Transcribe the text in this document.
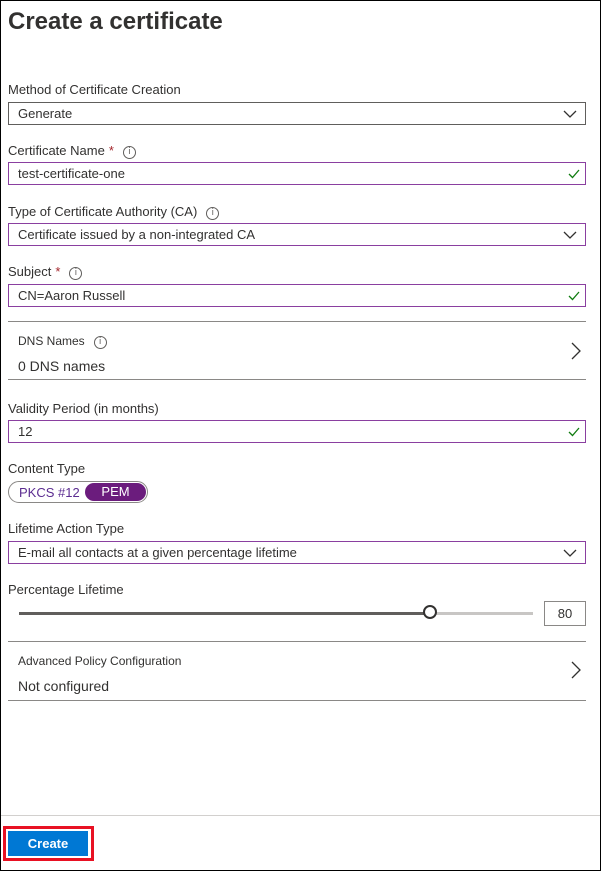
Create a certificate
Method of Certificate Creation
Generate
Certificate Name * i
test-certificate-one
Type of Certificate Authority (CA) i
Certificate issued by a non-integrated CA
Subject * i
CN=Aaron Russell
DNS Names i
0 DNS names
Validity Period (in months)
12
Content Type
PKCS #12	PEM
Lifetime Action Type
E-mail all contacts at a given percentage lifetime
Percentage Lifetime
80
Advanced Policy Configuration
Not configured
Create
